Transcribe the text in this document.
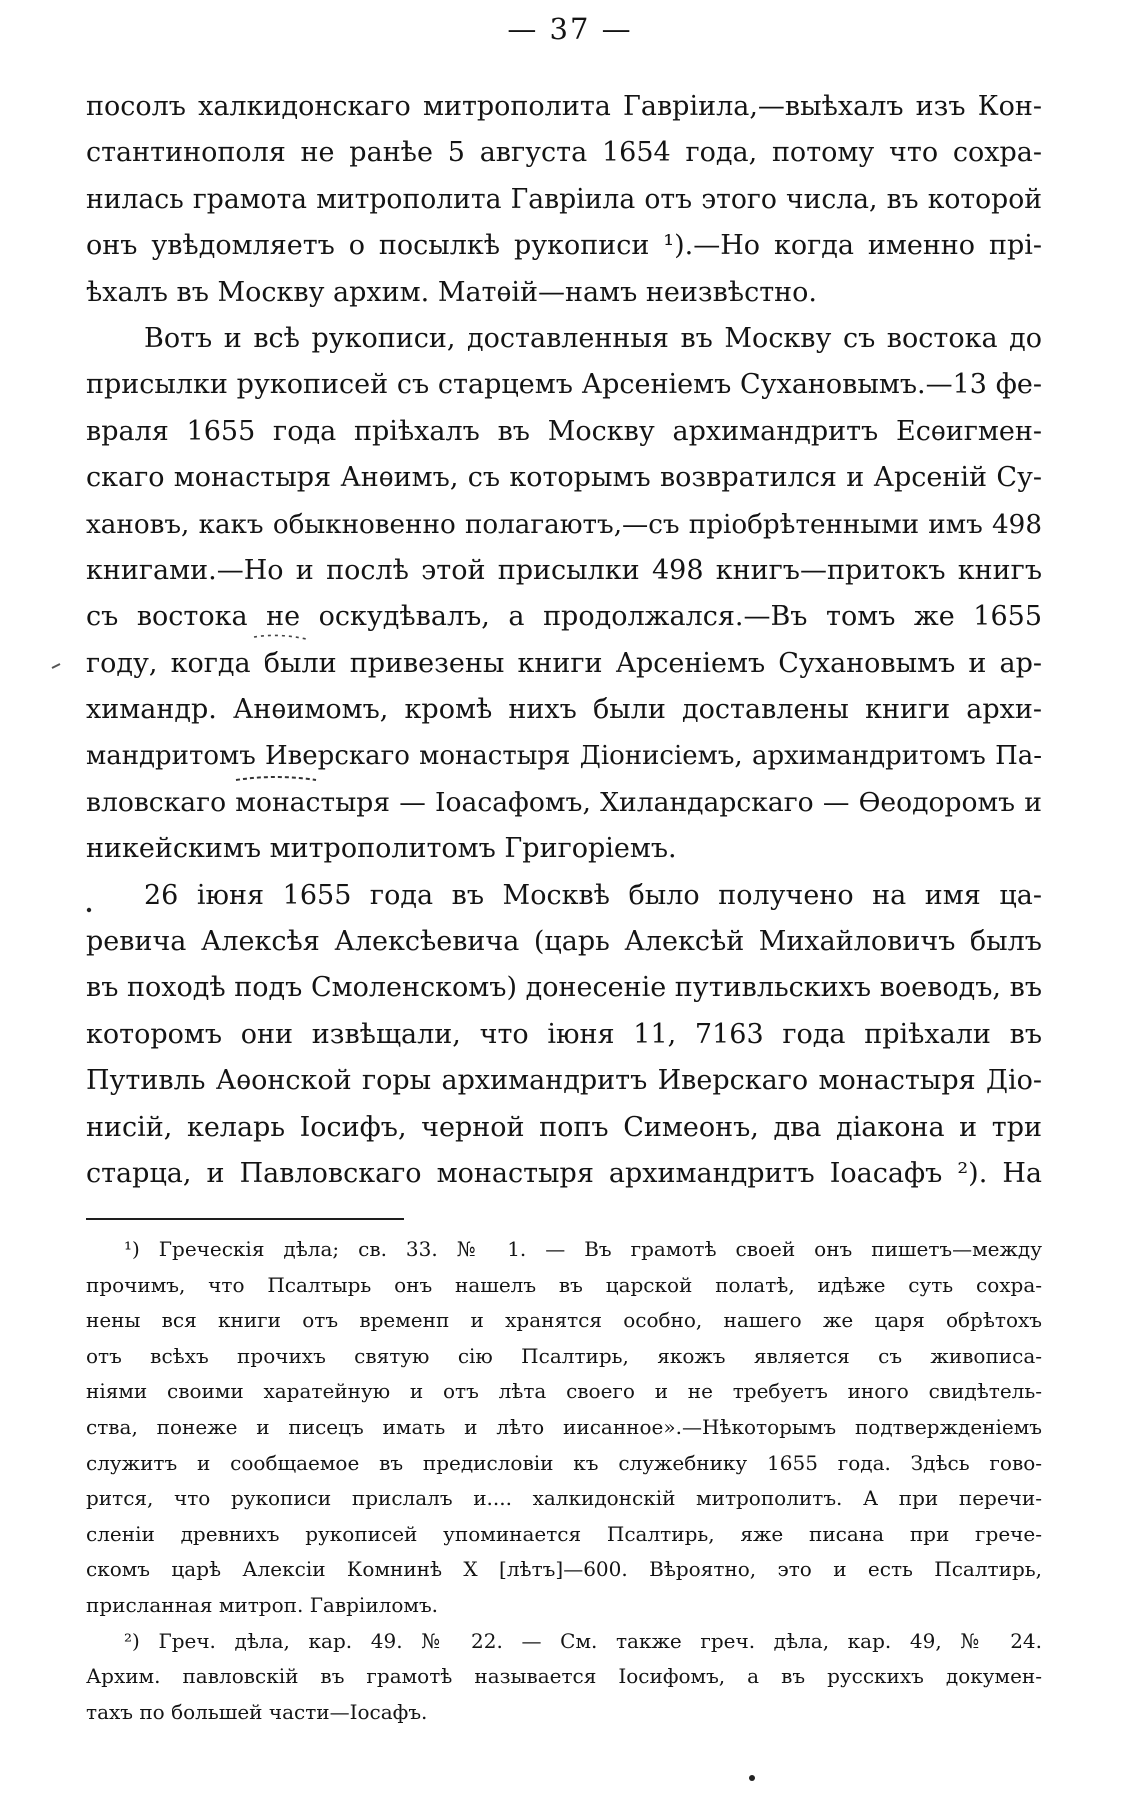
— 37 —
посолъ халкидонскаго митрополита Гавріила,—выѣхалъ изъ Кон-
стантинополя не ранѣе 5 августа 1654 года, потому что сохра-
нилась грамота митрополита Гавріила отъ этого числа, въ которой
онъ увѣдомляетъ о посылкѣ рукописи ¹).—Но когда именно прі-
ѣхалъ въ Москву архим. Матѳій—намъ неизвѣстно.
Вотъ и всѣ рукописи, доставленныя въ Москву съ востока до
присылки рукописей съ старцемъ Арсеніемъ Сухановымъ.—13 фе-
враля 1655 года пріѣхалъ въ Москву архимандритъ Есѳигмен-
скаго монастыря Анѳимъ, съ которымъ возвратился и Арсеній Су-
хановъ, какъ обыкновенно полагаютъ,—съ пріобрѣтенными имъ 498
книгами.—Но и послѣ этой присылки 498 книгъ—притокъ книгъ
съ востока не оскудѣвалъ, а продолжался.—Въ томъ же 1655
году, когда были привезены книги Арсеніемъ Сухановымъ и ар-
химандр. Анѳимомъ, кромѣ нихъ были доставлены книги архи-
мандритомъ Иверскаго монастыря Діонисіемъ, архимандритомъ Па-
вловскаго монастыря — Іоасафомъ, Хиландарскаго — Ѳеодоромъ и
никейскимъ митрополитомъ Григоріемъ.
26 іюня 1655 года въ Москвѣ было получено на имя ца-
ревича Алексѣя Алексѣевича (царь Алексѣй Михайловичъ былъ
въ походѣ подъ Смоленскомъ) донесеніе путивльскихъ воеводъ, въ
которомъ они извѣщали, что іюня 11, 7163 года пріѣхали въ
Путивль Аѳонской горы архимандритъ Иверскаго монастыря Діо-
нисій, келарь Іосифъ, черной попъ Симеонъ, два діакона и три
старца, и Павловскаго монастыря архимандритъ Іоасафъ ²). На
¹) Греческія дѣла; св. 33. № 1. — Въ грамотѣ своей онъ пишетъ—между
прочимъ, что Псалтырь онъ нашелъ въ царской полатѣ, идѣже суть сохра-
нены вся книги отъ временп и хранятся особно, нашего же царя обрѣтохъ
отъ всѣхъ прочихъ святую сію Псалтирь, якожъ является съ живописа-
ніями своими харатейную и отъ лѣта своего и не требуетъ иного свидѣтель-
ства, понеже и писецъ имать и лѣто иисанное».—Нѣкоторымъ подтвержденіемъ
служитъ и сообщаемое въ предисловіи къ служебнику 1655 года. Здѣсь гово-
рится, что рукописи прислалъ и.... халкидонскій митрополитъ. А при перечи-
сленіи древнихъ рукописей упоминается Псалтирь, яже писана при грече-
скомъ царѣ Алексіи Комнинѣ X [лѣтъ]—600. Вѣроятно, это и есть Псалтирь,
присланная митроп. Гавріиломъ.
²) Греч. дѣла, кар. 49. № 22. — См. также греч. дѣла, кар. 49, № 24.
Архим. павловскій въ грамотѣ называется Іосифомъ, а въ русскихъ докумен-
тахъ по большей части—Іосафъ.
